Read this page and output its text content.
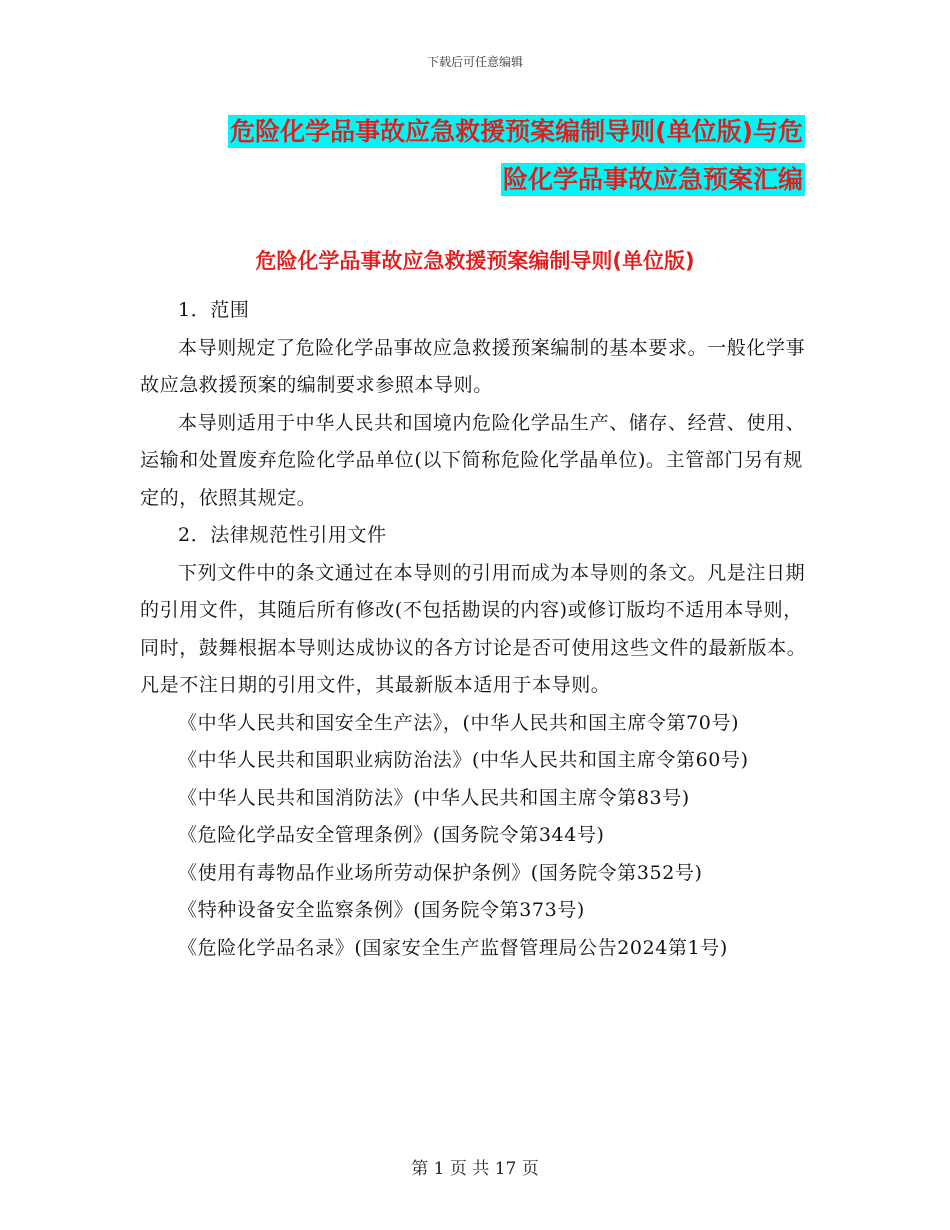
下载后可任意编辑
危险化学品事故应急救援预案编制导则(单位版)与危
险化学品事故应急预案汇编
危险化学品事故应急救援预案编制导则(单位版)

1．范围

本导则规定了危险化学品事故应急救援预案编制的基本要求。一般化学事故应急救援预案的编制要求参照本导则。

本导则适用于中华人民共和国境内危险化学品生产、储存、经营、使用、运输和处置废弃危险化学品单位(以下简称危险化学晶单位)。主管部门另有规定的，依照其规定。

2．法律规范性引用文件

下列文件中的条文通过在本导则的引用而成为本导则的条文。凡是注日期的引用文件，其随后所有修改(不包括勘误的内容)或修订版均不适用本导则，同时，鼓舞根据本导则达成协议的各方讨论是否可使用这些文件的最新版本。凡是不注日期的引用文件，其最新版本适用于本导则。

《中华人民共和国安全生产法》，(中华人民共和国主席令第70号)

《中华人民共和国职业病防治法》(中华人民共和国主席令第60号)

《中华人民共和国消防法》(中华人民共和国主席令第83号)

《危险化学品安全管理条例》(国务院令第344号)

《使用有毒物品作业场所劳动保护条例》(国务院令第352号)

《特种设备安全监察条例》(国务院令第373号)

《危险化学品名录》(国家安全生产监督管理局公告2024第1号)

第 1 页 共 17 页
